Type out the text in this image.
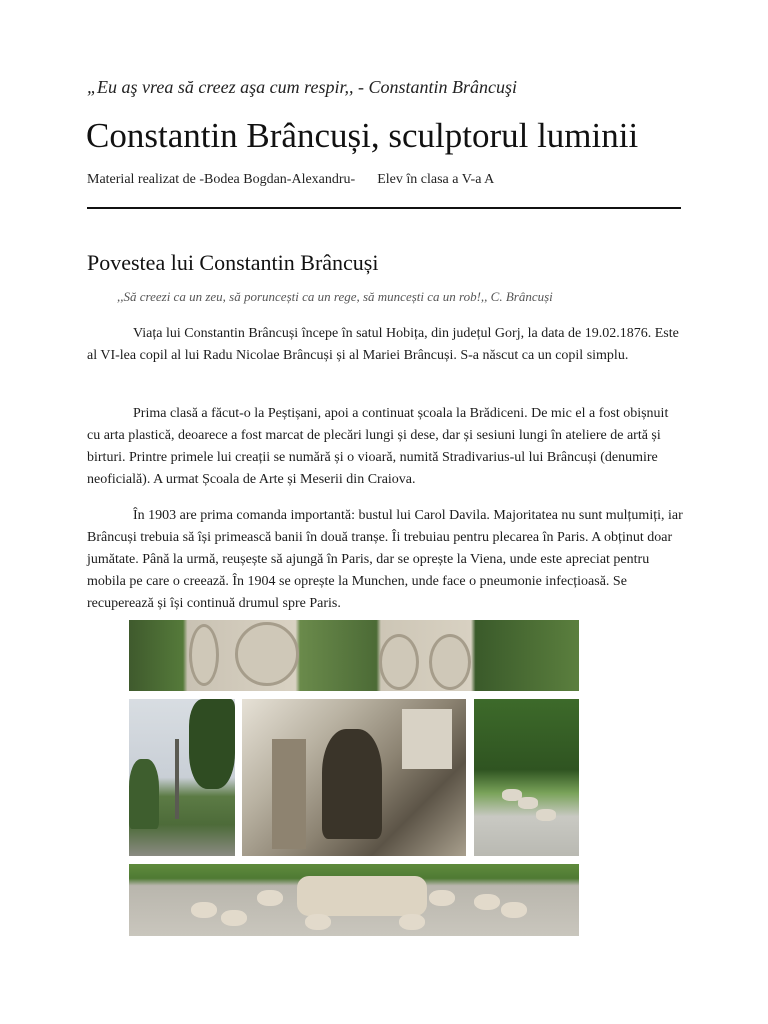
„Eu aş vrea să creez aşa cum respir,, - Constantin Brâncuşi
Constantin Brâncuși, sculptorul luminii
Material realizat de -Bodea Bogdan-Alexandru- Elev în clasa a V-a A
Povestea lui Constantin Brâncuși
,,Să creezi ca un zeu, să poruncești ca un rege, să muncești ca un rob!,, C. Brâncuși

Viața lui Constantin Brâncuși începe în satul Hobița, din județul Gorj, la data de 19.02.1876. Este al VI-lea copil al lui Radu Nicolae Brâncuși și al Mariei Brâncuși. S-a născut ca un copil simplu.

Prima clasă a făcut-o la Peștișani, apoi a continuat școala la Brădiceni. De mic el a fost obișnuit cu arta plastică, deoarece a fost marcat de plecări lungi și dese, dar și sesiuni lungi în ateliere de artă și birturi. Printre primele lui creații se numără și o vioară, numită Stradivarius-ul lui Brâncuși (denumire neoficială). A urmat Școala de Arte și Meserii din Craiova.

În 1903 are prima comanda importantă: bustul lui Carol Davila. Majoritatea nu sunt mulțumiți, iar Brâncuși trebuia să își primească banii în două tranșe. Îi trebuiau pentru plecarea în Paris. A obținut doar jumătate. Până la urmă, reușește să ajungă în Paris, dar se oprește la Viena, unde este apreciat pentru mobila pe care o creează. În 1904 se oprește la Munchen, unde face o pneumonie infecțioasă. Se recuperează și își continuă drumul spre Paris.
